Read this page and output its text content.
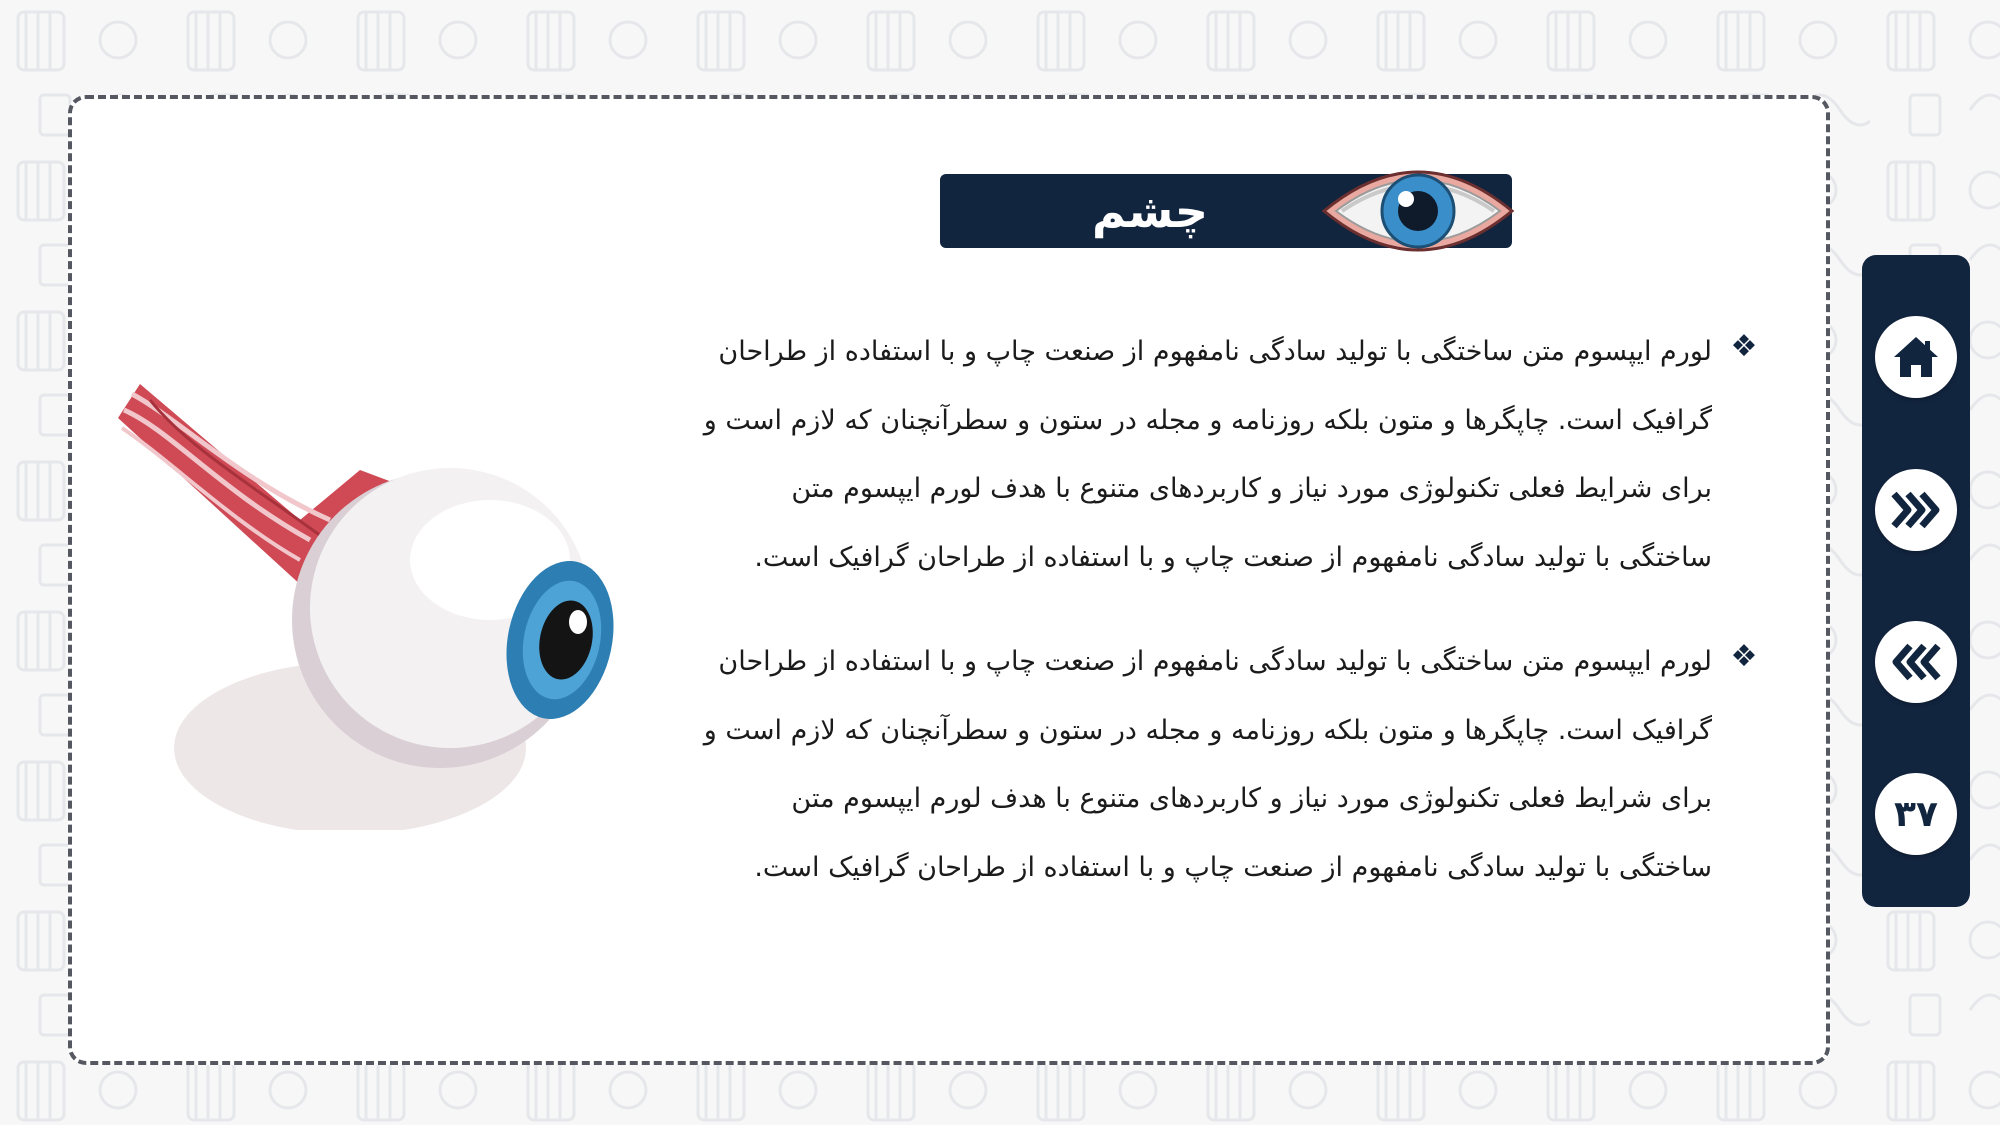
چشم

❖
لورم ایپسوم متن ساختگی با تولید سادگی نامفهوم از صنعت چاپ و با استفاده از طراحان گرافیک است. چاپگرها و متون بلکه روزنامه و مجله در ستون و سطرآنچنان که لازم است و برای شرایط فعلی تکنولوژی مورد نیاز و کاربردهای متنوع با هدف لورم ایپسوم متن ساختگی با تولید سادگی نامفهوم از صنعت چاپ و با استفاده از طراحان گرافیک است.

❖
لورم ایپسوم متن ساختگی با تولید سادگی نامفهوم از صنعت چاپ و با استفاده از طراحان گرافیک است. چاپگرها و متون بلکه روزنامه و مجله در ستون و سطرآنچنان که لازم است و برای شرایط فعلی تکنولوژی مورد نیاز و کاربردهای متنوع با هدف لورم ایپسوم متن ساختگی با تولید سادگی نامفهوم از صنعت چاپ و با استفاده از طراحان گرافیک است.

۳۷
